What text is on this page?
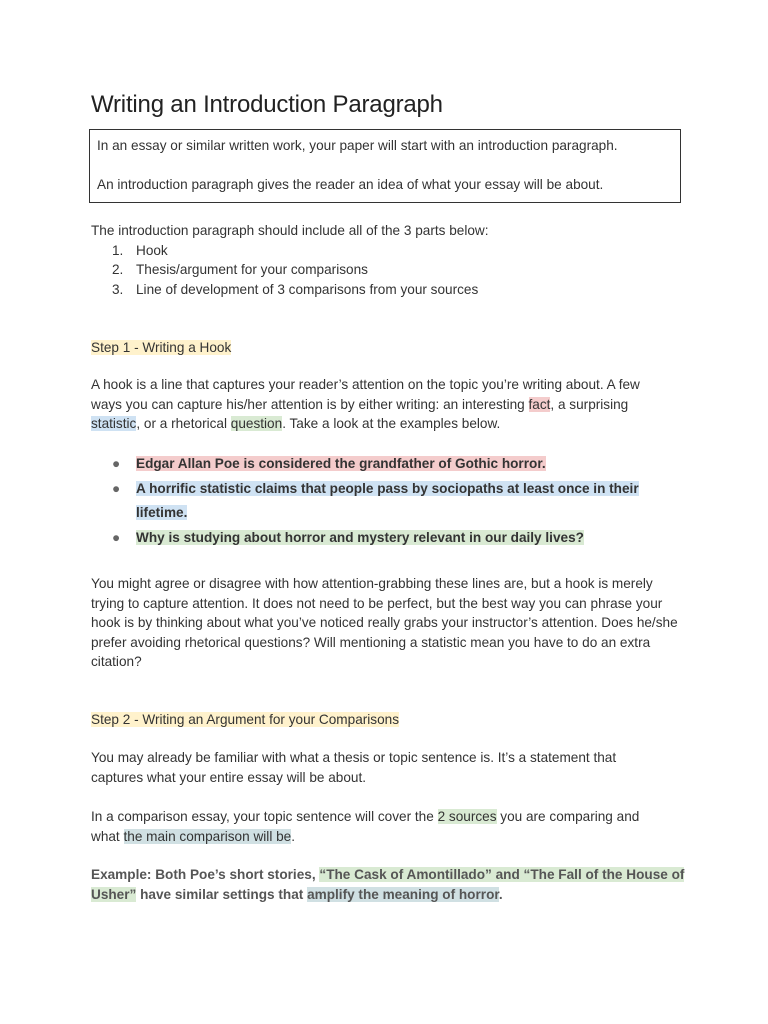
Writing an Introduction Paragraph

In an essay or similar written work, your paper will start with an introduction paragraph.

An introduction paragraph gives the reader an idea of what your essay will be about.

The introduction paragraph should include all of the 3 parts below:

1. Hook
2. Thesis/argument for your comparisons
3. Line of development of 3 comparisons from your sources
Step 1 - Writing a Hook

A hook is a line that captures your reader’s attention on the topic you’re writing about. A few ways you can capture his/her attention is by either writing: an interesting fact, a surprising statistic, or a rhetorical question. Take a look at the examples below.

● Edgar Allan Poe is considered the grandfather of Gothic horror.
● A horrific statistic claims that people pass by sociopaths at least once in their
lifetime.
● Why is studying about horror and mystery relevant in our daily lives?

You might agree or disagree with how attention-grabbing these lines are, but a hook is merely trying to capture attention. It does not need to be perfect, but the best way you can phrase your hook is by thinking about what you’ve noticed really grabs your instructor’s attention. Does he/she prefer avoiding rhetorical questions? Will mentioning a statistic mean you have to do an extra citation?

Step 2 - Writing an Argument for your Comparisons

You may already be familiar with what a thesis or topic sentence is. It’s a statement that captures what your entire essay will be about.

In a comparison essay, your topic sentence will cover the 2 sources you are comparing and what the main comparison will be.

Example: Both Poe’s short stories, “The Cask of Amontillado” and “The Fall of the House of Usher” have similar settings that amplify the meaning of horror.
